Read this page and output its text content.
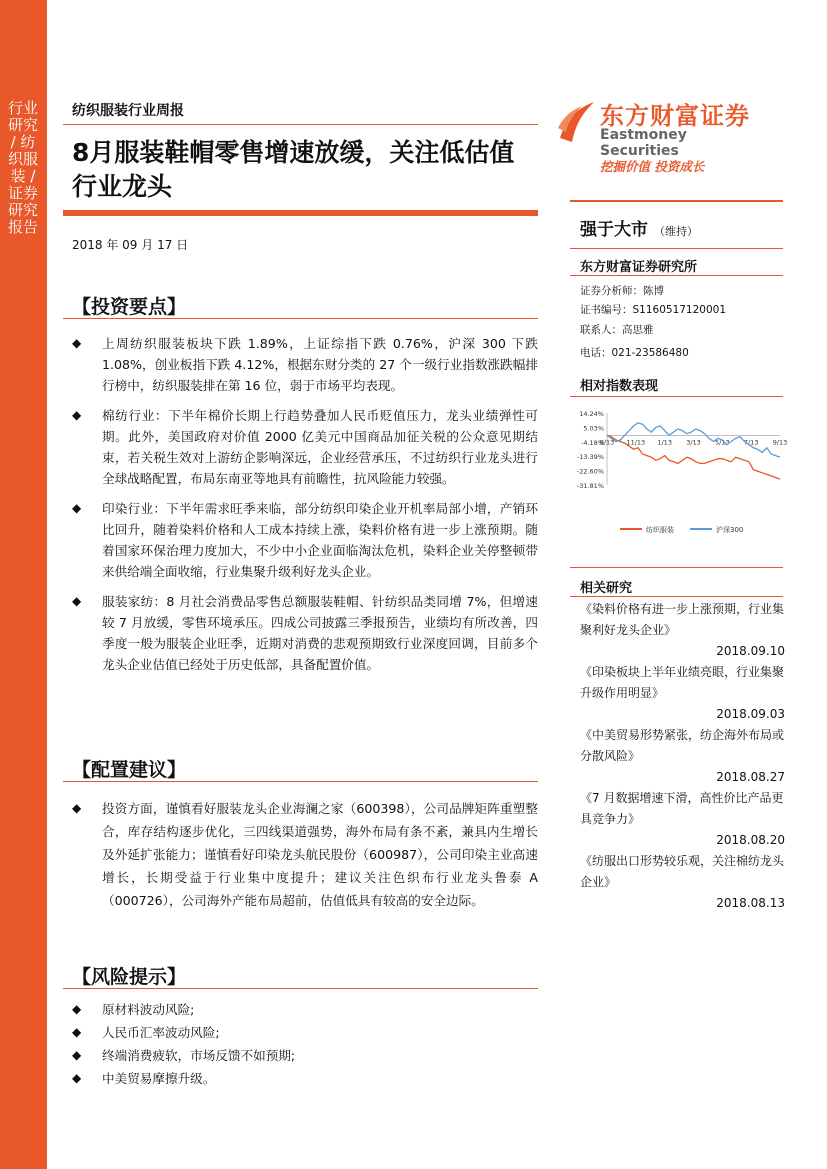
行业研究 / 纺织服装 / 证券研究报告
纺织服装行业周报
8月服装鞋帽零售增速放缓，关注低估值行业龙头
2018 年 09 月 17 日
东方财富证券
Eastmoney Securities
挖掘价值 投资成长
强于大市 （维持）
东方财富证券研究所
证券分析师：陈博
证书编号：S1160517120001
联系人：高思雅
电话：021-23586480
相对指数表现
14.24%
5.03%
-4.18%
-13.39%
-22.60%
-31.81%
9/13 11/13 1/13 3/13 5/13 7/13 9/13
纺织服装	沪深300
相关研究
《染料价格有进一步上涨预期，行业集聚利好龙头企业》
2018.09.10
《印染板块上半年业绩亮眼，行业集聚升级作用明显》
2018.09.03
《中美贸易形势紧张，纺企海外布局或分散风险》
2018.08.27
《7 月数据增速下滑，高性价比产品更具竞争力》
2018.08.20
《纺服出口形势较乐观，关注棉纺龙头企业》
2018.08.13
【投资要点】
◆ 上周纺织服装板块下跌 1.89%，上证综指下跌 0.76%，沪深 300 下跌 1.08%，创业板指下跌 4.12%，根据东财分类的 27 个一级行业指数涨跌幅排行榜中，纺织服装排在第 16 位，弱于市场平均表现。
◆ 棉纺行业：下半年棉价长期上行趋势叠加人民币贬值压力，龙头业绩弹性可期。此外，美国政府对价值 2000 亿美元中国商品加征关税的公众意见期结束，若关税生效对上游纺企影响深远，企业经营承压，不过纺织行业龙头进行全球战略配置，布局东南亚等地具有前瞻性，抗风险能力较强。
◆ 印染行业：下半年需求旺季来临，部分纺织印染企业开机率局部小增，产销环比回升，随着染料价格和人工成本持续上涨，染料价格有进一步上涨预期。随着国家环保治理力度加大，不少中小企业面临淘汰危机，染料企业关停整顿带来供给端全面收缩，行业集聚升级利好龙头企业。
◆ 服装家纺：8 月社会消费品零售总额服装鞋帽、针纺织品类同增 7%，但增速较 7 月放缓，零售环境承压。四成公司披露三季报预告，业绩均有所改善，四季度一般为服装企业旺季，近期对消费的悲观预期致行业深度回调，目前多个龙头企业估值已经处于历史低部，具备配置价值。
【配置建议】
◆ 投资方面，谨慎看好服装龙头企业海澜之家（600398），公司品牌矩阵重塑整合，库存结构逐步优化，三四线渠道强势，海外布局有条不紊，兼具内生增长及外延扩张能力；谨慎看好印染龙头航民股份（600987），公司印染主业高速增长，长期受益于行业集中度提升；建议关注色织布行业龙头鲁泰 A（000726），公司海外产能布局超前，估值低具有较高的安全边际。
【风险提示】
◆ 原材料波动风险;
◆ 人民币汇率波动风险;
◆ 终端消费疲软，市场反馈不如预期;
◆ 中美贸易摩擦升级。
